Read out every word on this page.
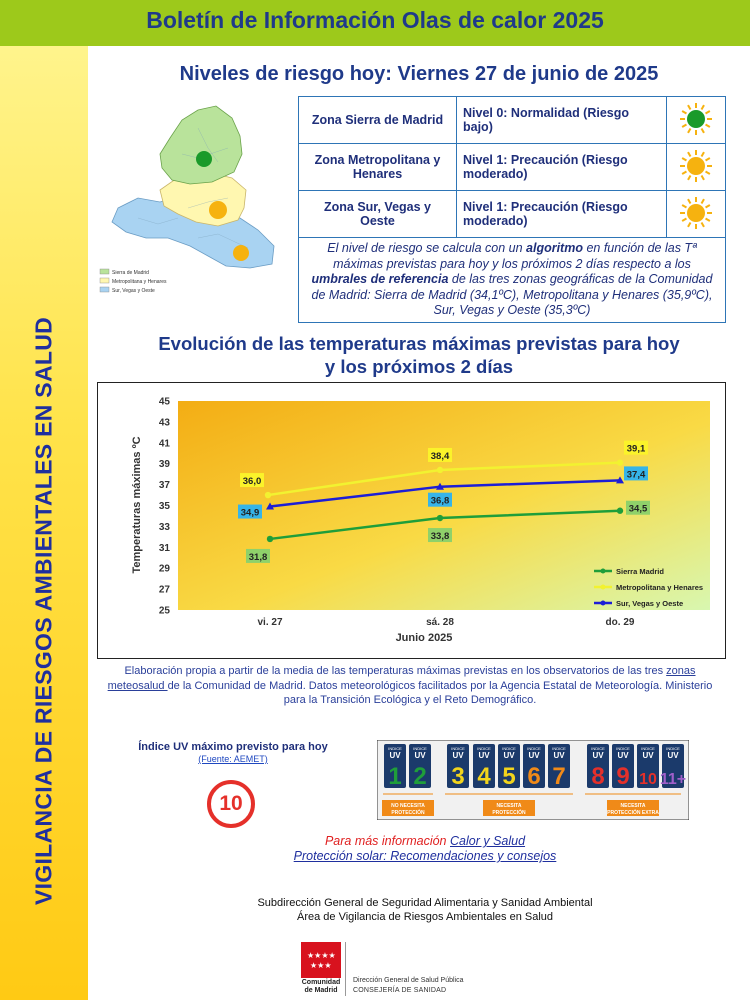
Boletín de Información Olas de calor 2025
VIGILANCIA DE RIESGOS AMBIENTALES EN SALUD
Niveles de riesgo hoy: Viernes 27 de junio de 2025
Sierra de Madrid
Metropolitana y Henares
Sur, Vegas y Oeste
Zona Sierra de Madrid	Nivel 0: Normalidad (Riesgo bajo)	
Zona Metropolitana y Henares	Nivel 1: Precaución (Riesgo moderado)	
Zona Sur, Vegas y Oeste	Nivel 1: Precaución (Riesgo moderado)	
El nivel de riesgo se calcula con un algoritmo en función de las Tª máximas previstas para hoy y los próximos 2 días respecto a los umbrales de referencia de las tres zonas geográficas de la Comunidad de Madrid: Sierra de Madrid (34,1ºC), Metropolitana y Henares (35,9ºC), Sur, Vegas y Oeste (35,3ºC)		
Evolución de las temperaturas máximas previstas para hoy
y los próximos 2 días
25
27
29
31
33
35
37
39
41
43
45
vi. 27	sá. 28	do. 29
Temperaturas máximas ºC
Junio 2025
31,8
33,8
34,5
36,0
38,4
39,1
34,9
36,8
37,4
Sierra Madrid
Metropolitana y Henares
Sur, Vegas y Oeste
Elaboración propia a partir de la media de las temperaturas máximas previstas en los observatorios de las tres zonas meteosalud de la Comunidad de Madrid. Datos meteorológicos facilitados por la Agencia Estatal de Meteorología. Ministerio para la Transición Ecológica y el Reto Demográfico.
Índice UV máximo previsto para hoy
(Fuente: AEMET)
10
INDICE
UV
1
INDICE
UV
2
INDICE
UV
3
INDICE
UV
4
INDICE
UV
5
INDICE
UV
6
INDICE
UV
7
INDICE
UV
8
INDICE
UV
9
INDICE
UV
10
INDICE
UV
11+
NO NECESITA
PROTECCIÓN
NECESITA
PROTECCIÓN
NECESITA
PROTECCIÓN EXTRA
Para más información Calor y Salud
Protección solar: Recomendaciones y consejos
Subdirección General de Seguridad Alimentaria y Sanidad Ambiental
Área de Vigilancia de Riesgos Ambientales en Salud
★★★★
★★★
Comunidad
de Madrid
Dirección General de Salud Pública
CONSEJERÍA DE SANIDAD
